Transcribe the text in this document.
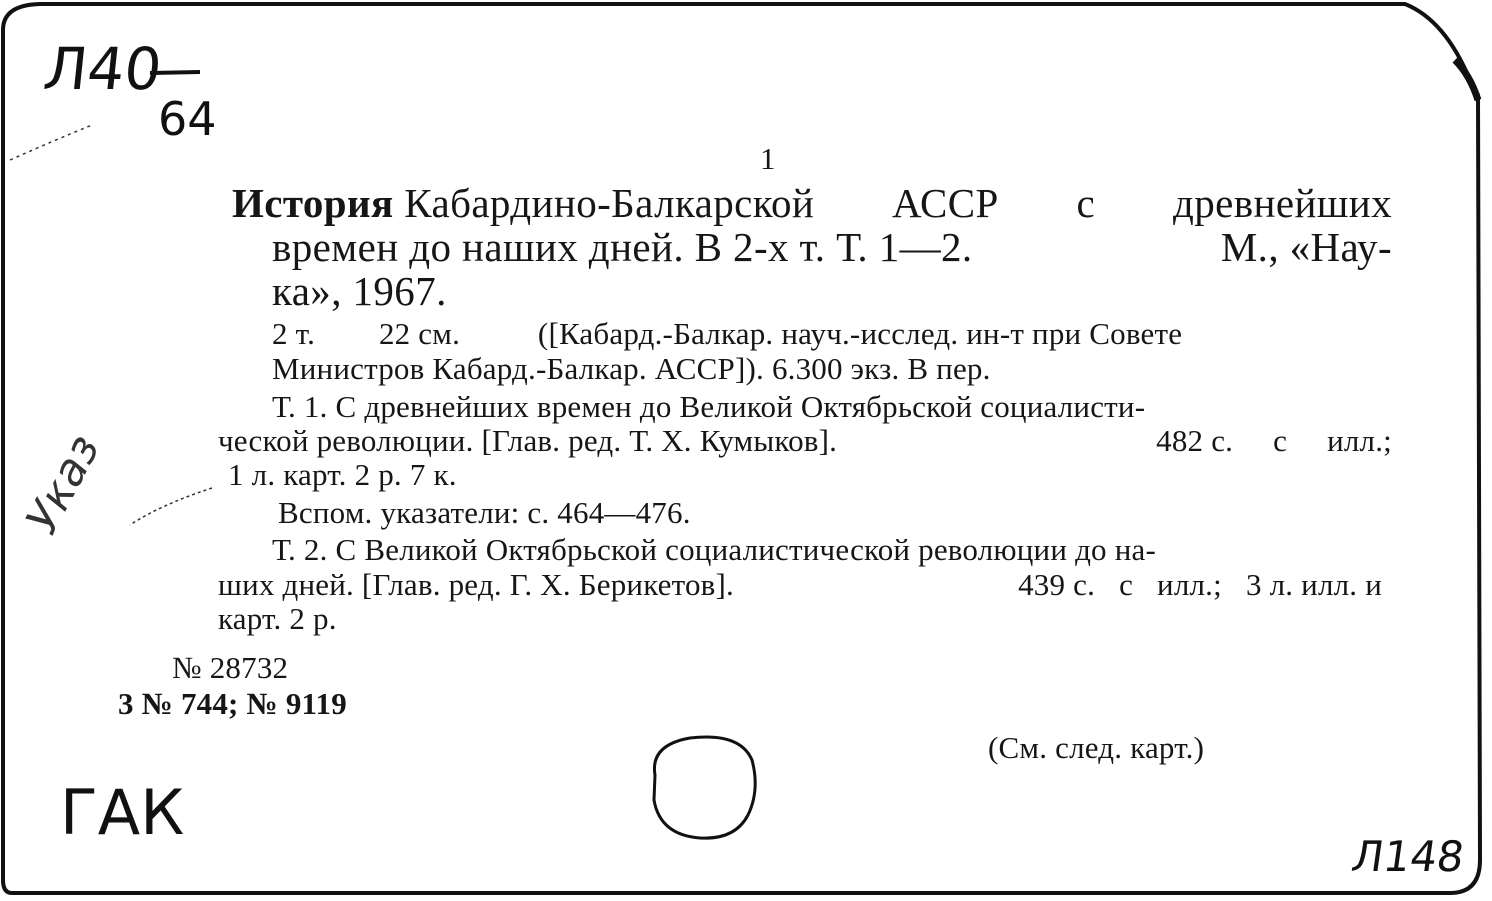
Л40
64
1
История Кабардино-Балкарской АССР с древнейших
времен до наших дней. В 2-х т. Т. 1—2.	М., «Нау-
ка», 1967.
2 т. 22 см.	([Кабард.-Балкар. науч.-исслед. ин-т при Совете
Министров Кабард.-Балкар. АССР]). 6.300 экз. В пер.
Т. 1. С древнейших времен до Великой Октябрьской социалисти-
ческой революции. [Глав. ред. Т. Х. Кумыков].	482 с. с илл.;
1 л. карт. 2 р. 7 к.
Вспом. указатели: с. 464—476.
Т. 2. С Великой Октябрьской социалистической революции до на-
ших дней. [Глав. ред. Г. Х. Берикетов].	439 с. с илл.; 3 л. илл. и
карт. 2 р.
№ 28732
3 № 744; № 9119
(См. след. карт.)
ГАК
Указ
Л148
